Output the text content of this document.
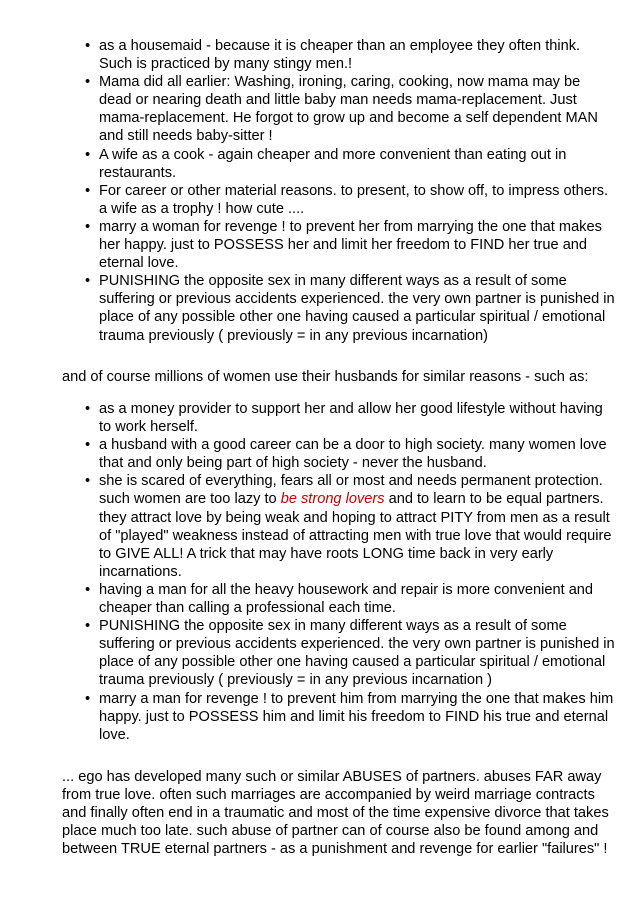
• as a housemaid - because it is cheaper than an employee they often think. Such is practiced by many stingy men.!
• Mama did all earlier: Washing, ironing, caring, cooking, now mama may be dead or nearing death and little baby man needs mama-replacement. Just mama-replacement. He forgot to grow up and become a self dependent MAN and still needs baby-sitter !
• A wife as a cook - again cheaper and more convenient than eating out in restaurants.
• For career or other material reasons. to present, to show off, to impress others. a wife as a trophy ! how cute ....
• marry a woman for revenge ! to prevent her from marrying the one that makes her happy. just to POSSESS her and limit her freedom to FIND her true and eternal love.
• PUNISHING the opposite sex in many different ways as a result of some suffering or previous accidents experienced. the very own partner is punished in place of any possible other one having caused a particular spiritual / emotional trauma previously ( previously = in any previous incarnation)

and of course millions of women use their husbands for similar reasons - such as:

• as a money provider to support her and allow her good lifestyle without having to work herself.
• a husband with a good career can be a door to high society. many women love that and only being part of high society - never the husband.
• she is scared of everything, fears all or most and needs permanent protection. such women are too lazy to be strong lovers and to learn to be equal partners. they attract love by being weak and hoping to attract PITY from men as a result of "played" weakness instead of attracting men with true love that would require to GIVE ALL! A trick that may have roots LONG time back in very early incarnations.
• having a man for all the heavy housework and repair is more convenient and cheaper than calling a professional each time.
• PUNISHING the opposite sex in many different ways as a result of some suffering or previous accidents experienced. the very own partner is punished in place of any possible other one having caused a particular spiritual / emotional trauma previously ( previously = in any previous incarnation )
• marry a man for revenge ! to prevent him from marrying the one that makes him happy. just to POSSESS him and limit his freedom to FIND his true and eternal love.

... ego has developed many such or similar ABUSES of partners. abuses FAR away from true love. often such marriages are accompanied by weird marriage contracts and finally often end in a traumatic and most of the time expensive divorce that takes place much too late. such abuse of partner can of course also be found among and between TRUE eternal partners - as a punishment and revenge for earlier "failures" !
